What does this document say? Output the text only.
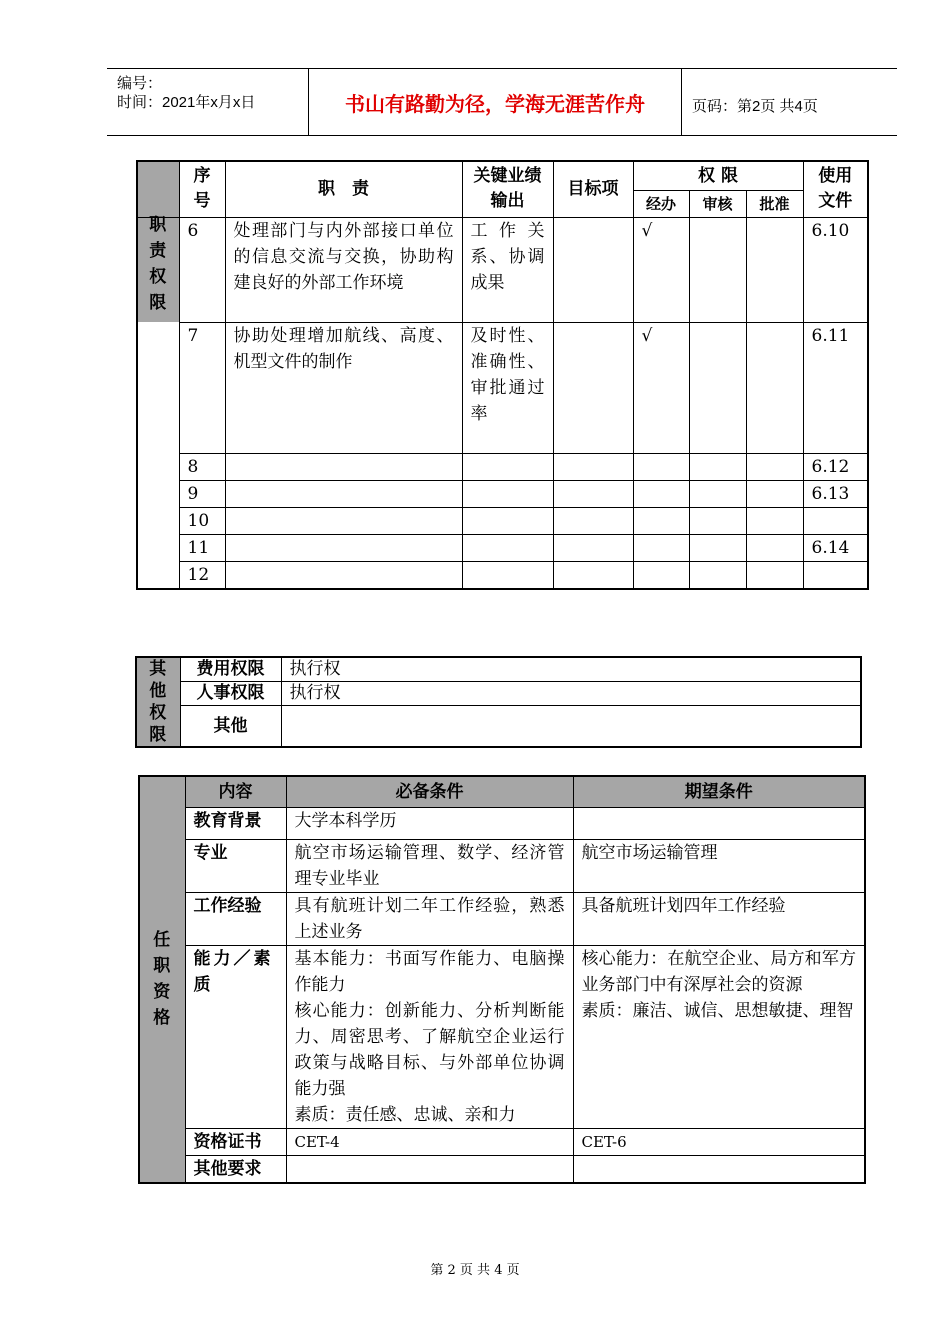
编号：
时间：2021年x月x日	书山有路勤为径，学海无涯苦作舟	页码：第2页 共4页

	序号	职　责	关键业绩输出	目标项	权 限			使用文件

					经办	审核	批准	

职责权限	6	处理部门与内外部接口单位的信息交流与交换，协助构建良好的外部工作环境	工作关系、协调成果		√			6.10
	7	协助处理增加航线、高度、机型文件的制作	及时性、准确性、审批通过率		√			6.11
	8							6.12
	9							6.13
	10							
	11							6.14
	12							
其他权限	费用权限	执行权
	人事权限	执行权
	其他	
任职资格	内容	必备条件	期望条件
	教育背景	大学本科学历	
	专业	航空市场运输管理、数学、经济管理专业毕业	航空市场运输管理
	工作经验	具有航班计划二年工作经验，熟悉上述业务	具备航班计划四年工作经验
	能力／素质	基本能力：书面写作能力、电脑操作能力
核心能力：创新能力、分析判断能力、周密思考、了解航空企业运行政策与战略目标、与外部单位协调能力强
素质：责任感、忠诚、亲和力	核心能力：在航空企业、局方和军方业务部门中有深厚社会的资源
素质：廉洁、诚信、思想敏捷、理智
	资格证书	CET-4	CET-6
	其他要求		
第 2 页 共 4 页
